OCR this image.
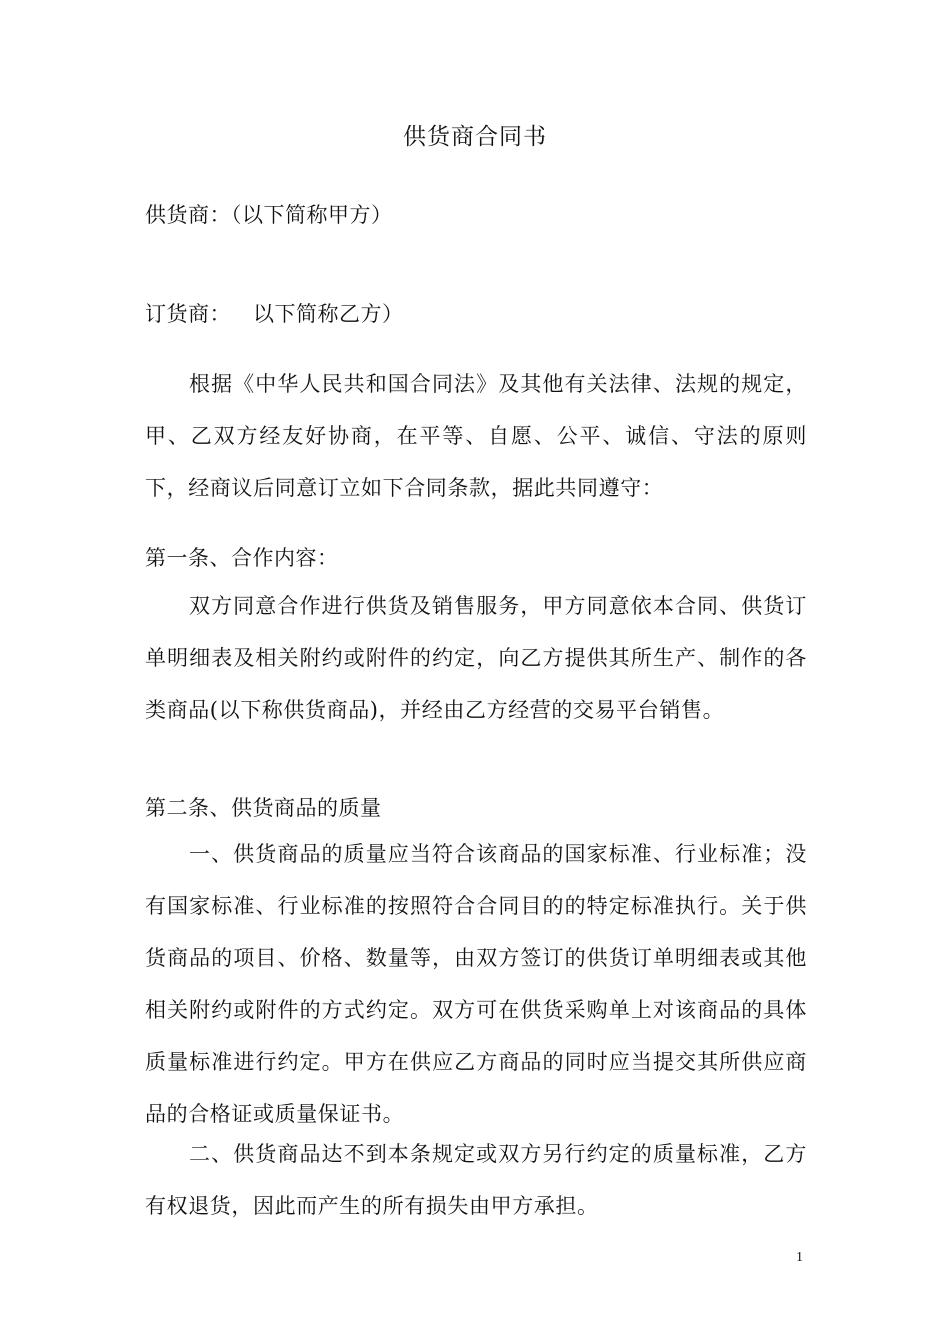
供货商合同书
供货商：（以下简称甲方）
订货商： 以下简称乙方）
根据《中华人民共和国合同法》及其他有关法律、法规的规定，甲、乙双方经友好协商，在平等、自愿、公平、诚信、守法的原则下，经商议后同意订立如下合同条款，据此共同遵守：
第一条、合作内容：
双方同意合作进行供货及销售服务，甲方同意依本合同、供货订单明细表及相关附约或附件的约定，向乙方提供其所生产、制作的各类商品(以下称供货商品)，并经由乙方经营的交易平台销售。
第二条、供货商品的质量
一、供货商品的质量应当符合该商品的国家标准、行业标准；没有国家标准、行业标准的按照符合合同目的的特定标准执行。关于供货商品的项目、价格、数量等，由双方签订的供货订单明细表或其他相关附约或附件的方式约定。双方可在供货采购单上对该商品的具体质量标准进行约定。甲方在供应乙方商品的同时应当提交其所供应商品的合格证或质量保证书。
二、供货商品达不到本条规定或双方另行约定的质量标准，乙方有权退货，因此而产生的所有损失由甲方承担。
1
